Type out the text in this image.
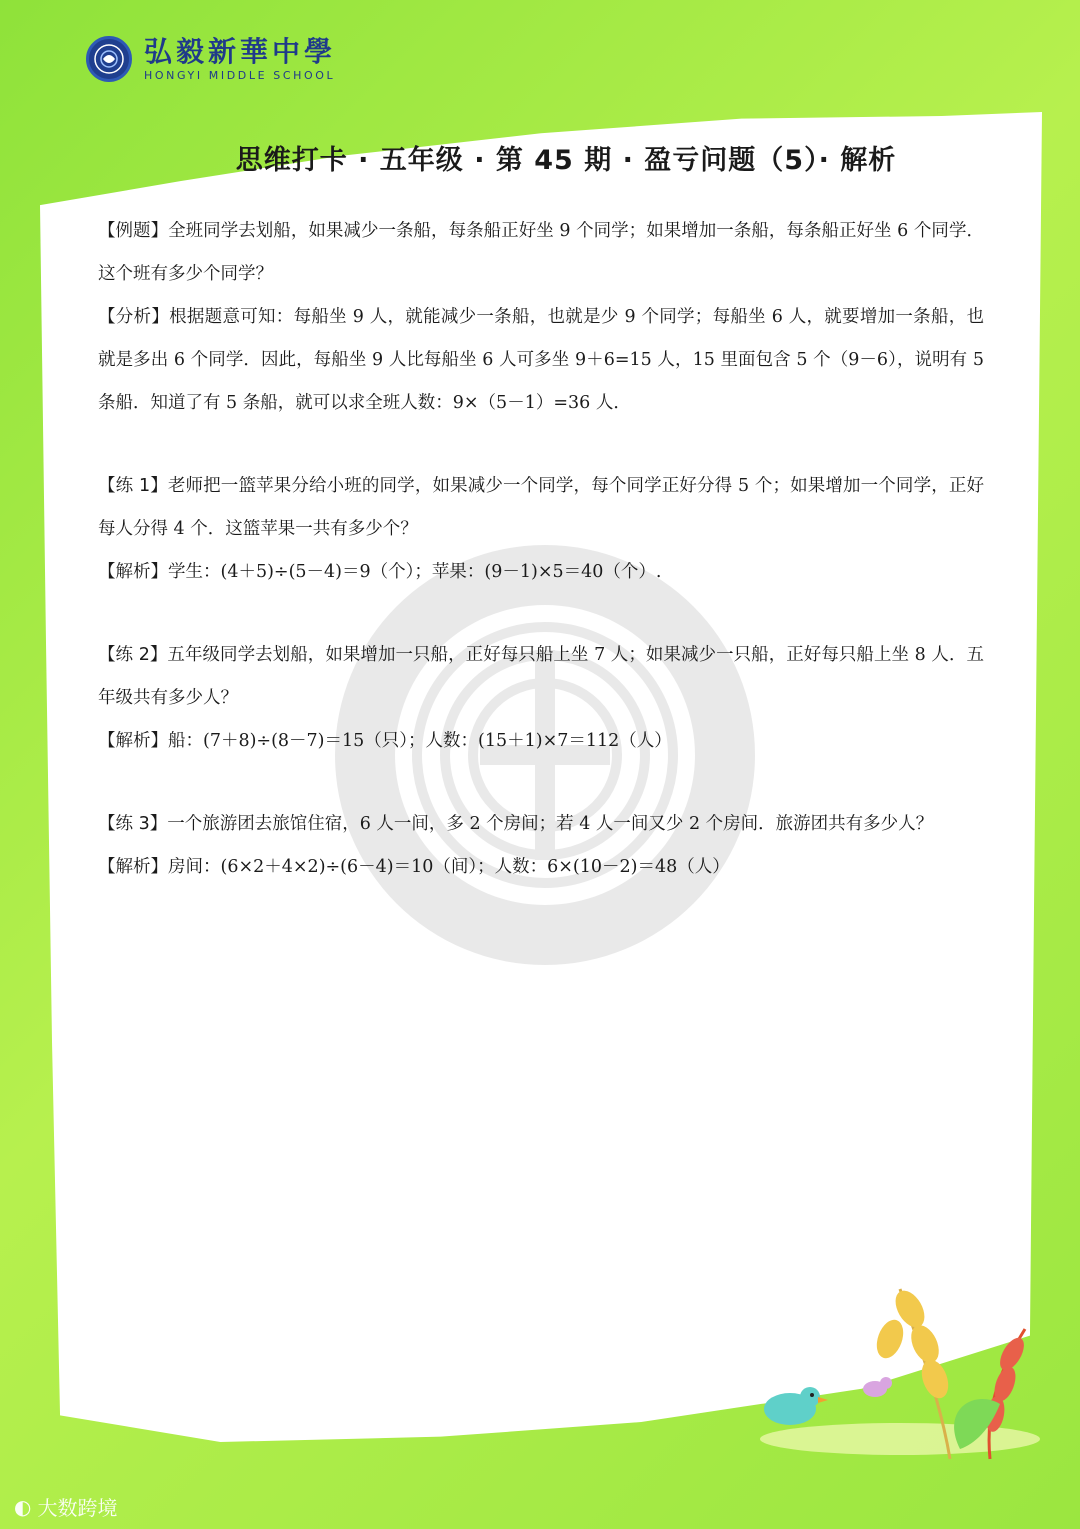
弘毅新華中學
HONGYI MIDDLE SCHOOL
思维打卡 · 五年级 · 第 45 期 · 盈亏问题（5）· 解析

【例题】全班同学去划船，如果减少一条船，每条船正好坐 9 个同学；如果增加一条船，每条船正好坐 6 个同学．这个班有多少个同学？

【分析】根据题意可知：每船坐 9 人，就能减少一条船，也就是少 9 个同学；每船坐 6 人，就要增加一条船，也就是多出 6 个同学．因此，每船坐 9 人比每船坐 6 人可多坐 9＋6=15 人，15 里面包含 5 个（9－6），说明有 5 条船．知道了有 5 条船，就可以求全班人数：9×（5－1）=36 人．

【练 1】老师把一篮苹果分给小班的同学，如果减少一个同学，每个同学正好分得 5 个；如果增加一个同学，正好每人分得 4 个．这篮苹果一共有多少个？

【解析】学生：(4＋5)÷(5－4)＝9（个）；苹果：(9－1)×5＝40（个）.

【练 2】五年级同学去划船，如果增加一只船，正好每只船上坐 7 人；如果减少一只船，正好每只船上坐 8 人．五年级共有多少人？

【解析】船：(7＋8)÷(8－7)＝15（只）；人数：(15＋1)×7＝112（人）

【练 3】一个旅游团去旅馆住宿，6 人一间，多 2 个房间；若 4 人一间又少 2 个房间．旅游团共有多少人？

【解析】房间：(6×2＋4×2)÷(6－4)＝10（间）；人数：6×(10－2)＝48（人）

◐ 大数跨境
